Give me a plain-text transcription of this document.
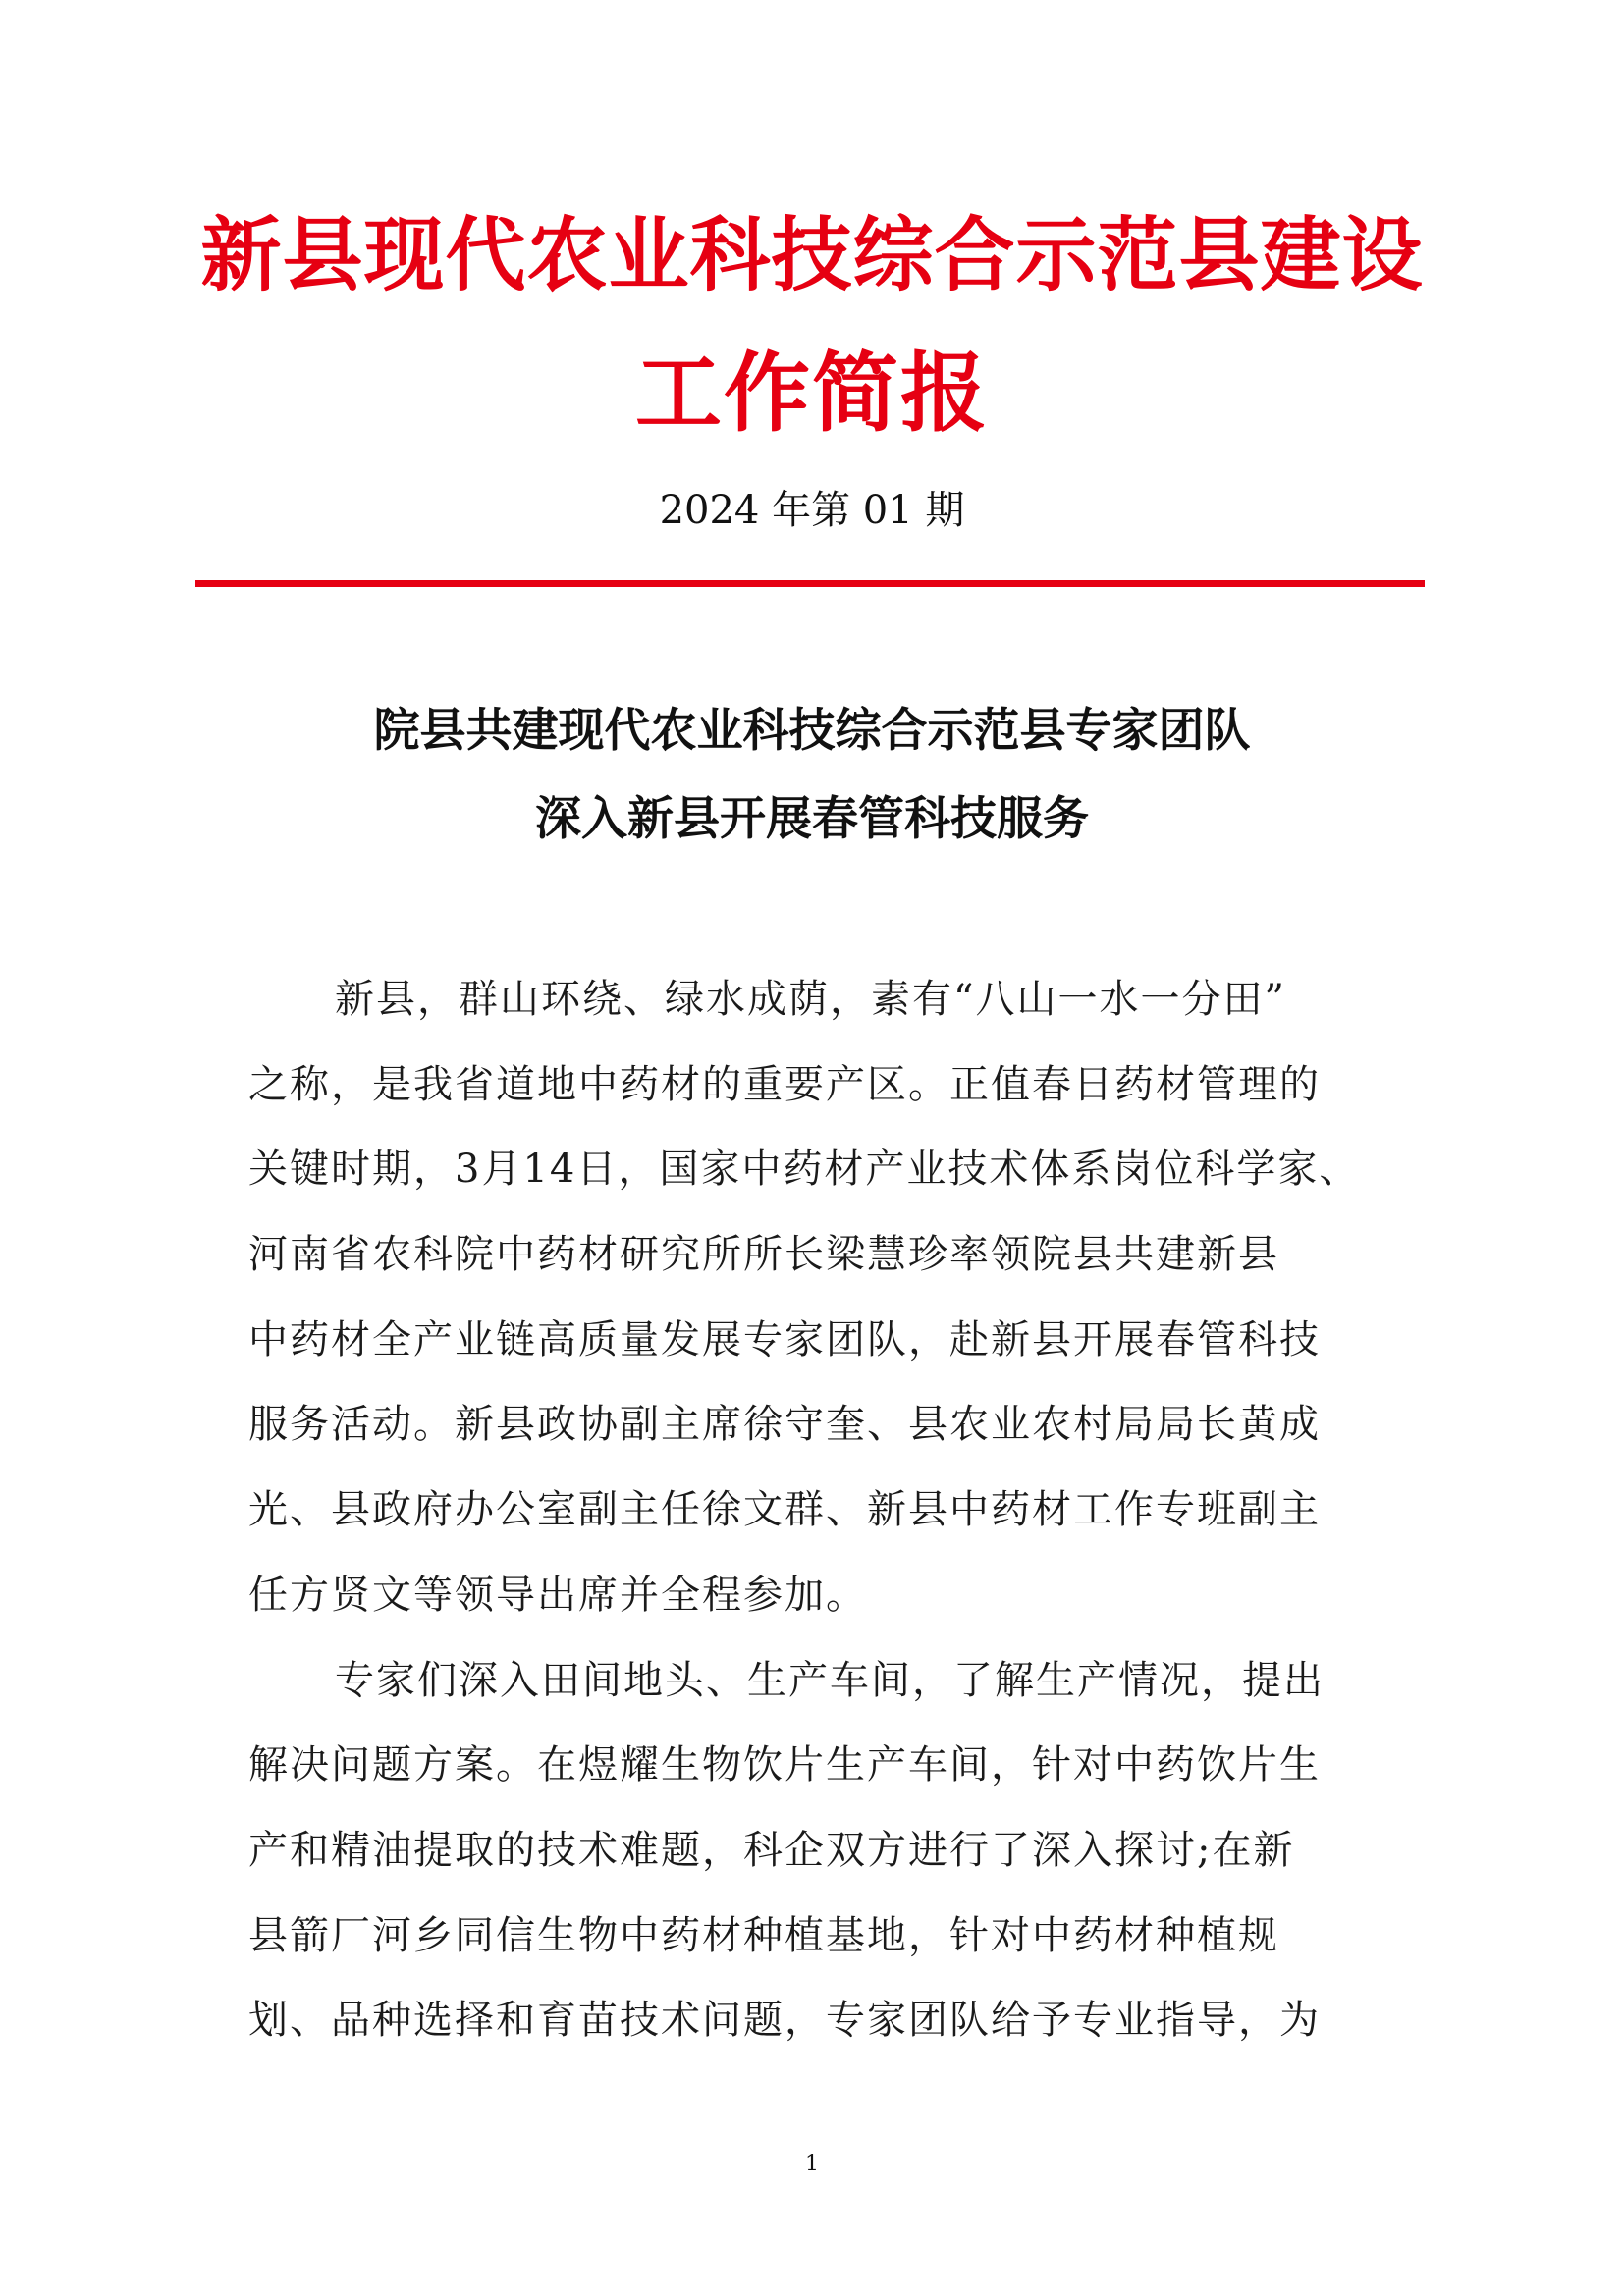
新县现代农业科技综合示范县建设
工作简报
2024 年第 01 期
院县共建现代农业科技综合示范县专家团队
深入新县开展春管科技服务
新县，群山环绕、绿水成荫，素有“八山一水一分田”
之称，是我省道地中药材的重要产区。正值春日药材管理的
关键时期，3月14日，国家中药材产业技术体系岗位科学家、
河南省农科院中药材研究所所长梁慧珍率领院县共建新县
中药材全产业链高质量发展专家团队，赴新县开展春管科技
服务活动。新县政协副主席徐守奎、县农业农村局局长黄成
光、县政府办公室副主任徐文群、新县中药材工作专班副主
任方贤文等领导出席并全程参加。
专家们深入田间地头、生产车间，了解生产情况，提出
解决问题方案。在煜耀生物饮片生产车间，针对中药饮片生
产和精油提取的技术难题，科企双方进行了深入探讨;在新
县箭厂河乡同信生物中药材种植基地，针对中药材种植规
划、品种选择和育苗技术问题，专家团队给予专业指导，为
1
